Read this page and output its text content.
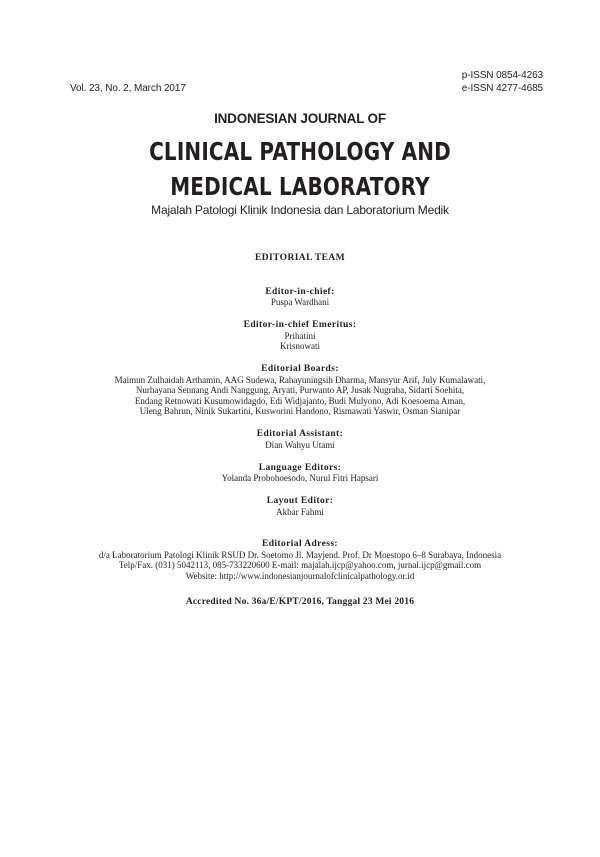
Vol. 23, No. 2, March 2017
p-ISSN 0854-4263
e-ISSN 4277-4685
INDONESIAN JOURNAL OF
CLINICAL PATHOLOGY AND
MEDICAL LABORATORY
Majalah Patologi Klinik Indonesia dan Laboratorium Medik
EDITORIAL TEAM
Editor-in-chief:
Puspa Wardhani
Editor-in-chief Emeritus:
Prihatini
Krisnowati
Editorial Boards:
Maimun Zulhaidah Arthamin, AAG Sudewa, Rahayuningsih Dharma, Mansyur Arif, July Kumalawati,
Nurhayana Sennang Andi Nanggung, Aryati, Purwanto AP, Jusak Nugraha, Sidarti Soehita,
Endang Retnowati Kusumowidagdo, Edi Widjajanto, Budi Mulyono, Adi Koesoema Aman,
Uleng Bahrun, Ninik Sukartini, Kusworini Handono, Rismawati Yaswir, Osman Sianipar
Editorial Assistant:
Dian Wahyu Utami
Language Editors:
Yolanda Probohoesodo, Nurul Fitri Hapsari
Layout Editor:
Akbar Fahmi
Editorial Adress:
d/a Laboratorium Patologi Klinik RSUD Dr. Soetomo Jl. Mayjend. Prof. Dr Moestopo 6–8 Surabaya, Indonesia
Telp/Fax. (031) 5042113, 085-733220600 E-mail: majalah.ijcp@yahoo.com, jurnal.ijcp@gmail.com
Website: http://www.indonesianjournalofclinicalpathology.or.id
Accredited No. 36a/E/KPT/2016, Tanggal 23 Mei 2016
